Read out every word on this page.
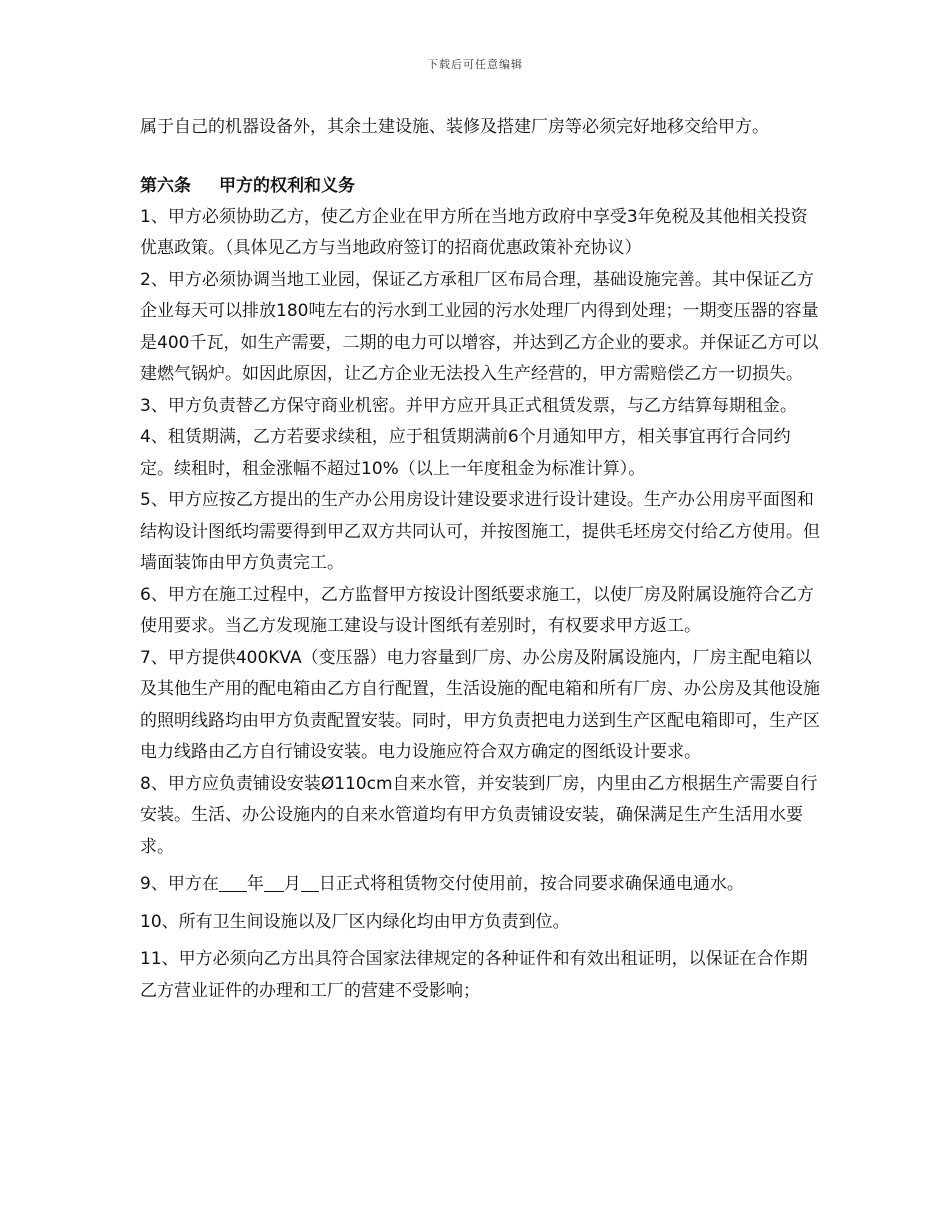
下载后可任意编辑

属于自己的机器设备外，其余土建设施、装修及搭建厂房等必须完好地移交给甲方。

第六条 甲方的权利和义务

1、甲方必须协助乙方，使乙方企业在甲方所在当地方政府中享受3年免税及其他相关投资优惠政策。（具体见乙方与当地政府签订的招商优惠政策补充协议）

2、甲方必须协调当地工业园，保证乙方承租厂区布局合理，基础设施完善。其中保证乙方企业每天可以排放180吨左右的污水到工业园的污水处理厂内得到处理；一期变压器的容量是400千瓦，如生产需要，二期的电力可以增容，并达到乙方企业的要求。并保证乙方可以建燃气锅炉。如因此原因，让乙方企业无法投入生产经营的，甲方需赔偿乙方一切损失。

3、甲方负责替乙方保守商业机密。并甲方应开具正式租赁发票，与乙方结算每期租金。

4、租赁期满，乙方若要求续租，应于租赁期满前6个月通知甲方，相关事宜再行合同约定。续租时，租金涨幅不超过10%（以上一年度租金为标准计算）。

5、甲方应按乙方提出的生产办公用房设计建设要求进行设计建设。生产办公用房平面图和结构设计图纸均需要得到甲乙双方共同认可，并按图施工，提供毛坯房交付给乙方使用。但墙面装饰由甲方负责完工。

6、甲方在施工过程中，乙方监督甲方按设计图纸要求施工，以使厂房及附属设施符合乙方使用要求。当乙方发现施工建设与设计图纸有差别时，有权要求甲方返工。

7、甲方提供400KVA（变压器）电力容量到厂房、办公房及附属设施内，厂房主配电箱以及其他生产用的配电箱由乙方自行配置，生活设施的配电箱和所有厂房、办公房及其他设施的照明线路均由甲方负责配置安装。同时，甲方负责把电力送到生产区配电箱即可，生产区电力线路由乙方自行铺设安装。电力设施应符合双方确定的图纸设计要求。

8、甲方应负责铺设安装Ø110cm自来水管，并安装到厂房，内里由乙方根据生产需要自行安装。生活、办公设施内的自来水管道均有甲方负责铺设安装，确保满足生产生活用水要求。

9、甲方在 年 月 日正式将租赁物交付使用前，按合同要求确保通电通水。

10、所有卫生间设施以及厂区内绿化均由甲方负责到位。

11、甲方必须向乙方出具符合国家法律规定的各种证件和有效出租证明，以保证在合作期乙方营业证件的办理和工厂的营建不受影响；
